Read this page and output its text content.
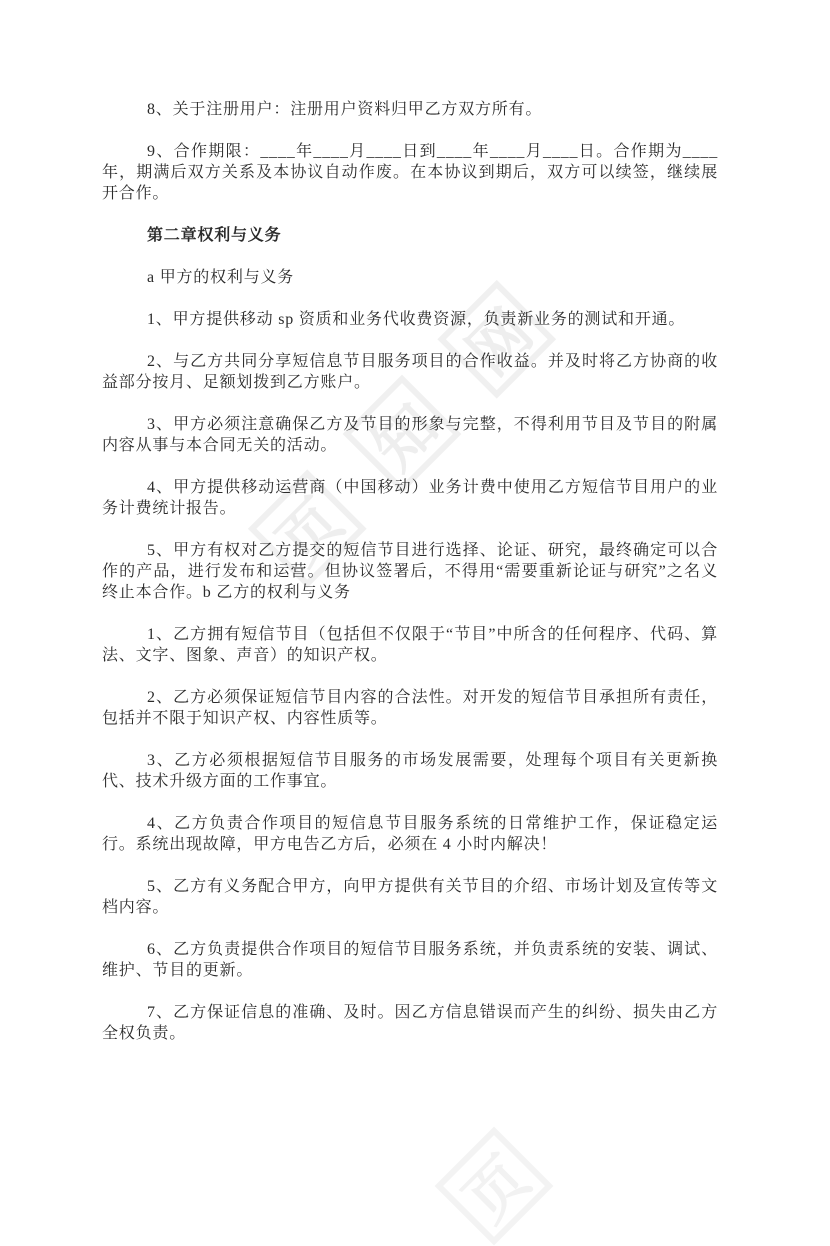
页
知
网
页

8、关于注册用户：注册用户资料归甲乙方双方所有。

9、合作期限：____年____月____日到____年____月____日。合作期为____年，期满后双方关系及本协议自动作废。在本协议到期后，双方可以续签，继续展开合作。

第二章权利与义务

a 甲方的权利与义务

1、甲方提供移动 sp 资质和业务代收费资源，负责新业务的测试和开通。

2、与乙方共同分享短信息节目服务项目的合作收益。并及时将乙方协商的收益部分按月、足额划拨到乙方账户。

3、甲方必须注意确保乙方及节目的形象与完整，不得利用节目及节目的附属内容从事与本合同无关的活动。

4、甲方提供移动运营商（中国移动）业务计费中使用乙方短信节目用户的业务计费统计报告。

5、甲方有权对乙方提交的短信节目进行选择、论证、研究，最终确定可以合作的产品，进行发布和运营。但协议签署后，不得用“需要重新论证与研究”之名义终止本合作。b 乙方的权利与义务

1、乙方拥有短信节目（包括但不仅限于“节目”中所含的任何程序、代码、算法、文字、图象、声音）的知识产权。

2、乙方必须保证短信节目内容的合法性。对开发的短信节目承担所有责任，包括并不限于知识产权、内容性质等。

3、乙方必须根据短信节目服务的市场发展需要，处理每个项目有关更新换代、技术升级方面的工作事宜。

4、乙方负责合作项目的短信息节目服务系统的日常维护工作，保证稳定运行。系统出现故障，甲方电告乙方后，必须在 4 小时内解决！

5、乙方有义务配合甲方，向甲方提供有关节目的介绍、市场计划及宣传等文档内容。

6、乙方负责提供合作项目的短信节目服务系统，并负责系统的安装、调试、维护、节目的更新。

7、乙方保证信息的准确、及时。因乙方信息错误而产生的纠纷、损失由乙方全权负责。
